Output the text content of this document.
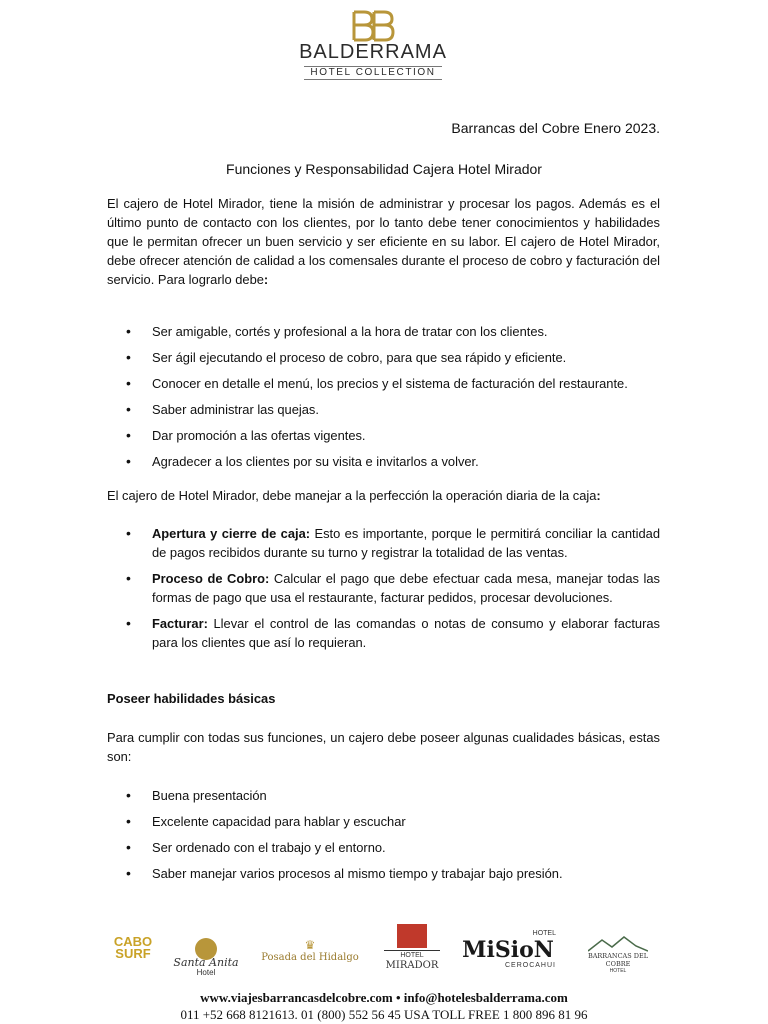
BALDERRAMA
HOTEL COLLECTION
Barrancas del Cobre Enero 2023.
Funciones y Responsabilidad Cajera Hotel Mirador
El cajero de Hotel Mirador, tiene la misión de administrar y procesar los pagos. Además es el último punto de contacto con los clientes, por lo tanto debe tener conocimientos y habilidades que le permitan ofrecer un buen servicio y ser eficiente en su labor. El cajero de Hotel Mirador, debe ofrecer atención de calidad a los comensales durante el proceso de cobro y facturación del servicio. Para lograrlo debe:
• Ser amigable, cortés y profesional a la hora de tratar con los clientes.
• Ser ágil ejecutando el proceso de cobro, para que sea rápido y eficiente.
• Conocer en detalle el menú, los precios y el sistema de facturación del restaurante.
• Saber administrar las quejas.
• Dar promoción a las ofertas vigentes.
• Agradecer a los clientes por su visita e invitarlos a volver.
El cajero de Hotel Mirador, debe manejar a la perfección la operación diaria de la caja:
• Apertura y cierre de caja: Esto es importante, porque le permitirá conciliar la cantidad de pagos recibidos durante su turno y registrar la totalidad de las ventas.
• Proceso de Cobro: Calcular el pago que debe efectuar cada mesa, manejar todas las formas de pago que usa el restaurante, facturar pedidos, procesar devoluciones.
• Facturar: Llevar el control de las comandas o notas de consumo y elaborar facturas para los clientes que así lo requieran.
Poseer habilidades básicas
Para cumplir con todas sus funciones, un cajero debe poseer algunas cualidades básicas, estas son:
• Buena presentación
• Excelente capacidad para hablar y escuchar
• Ser ordenado con el trabajo y el entorno.
• Saber manejar varios procesos al mismo tiempo y trabajar bajo presión.
CABO
SURF
Santa Anita
Hotel
♛
Posada del Hidalgo	HOTEL
MIRADOR
HOTEL
MiSioN
CEROCAHUI
BARRANCAS DEL COBRE
HOTEL
www.viajesbarrancasdelcobre.com • info@hotelesbalderrama.com
011 +52 668 8121613. 01 (800) 552 56 45 USA TOLL FREE 1 800 896 81 96
